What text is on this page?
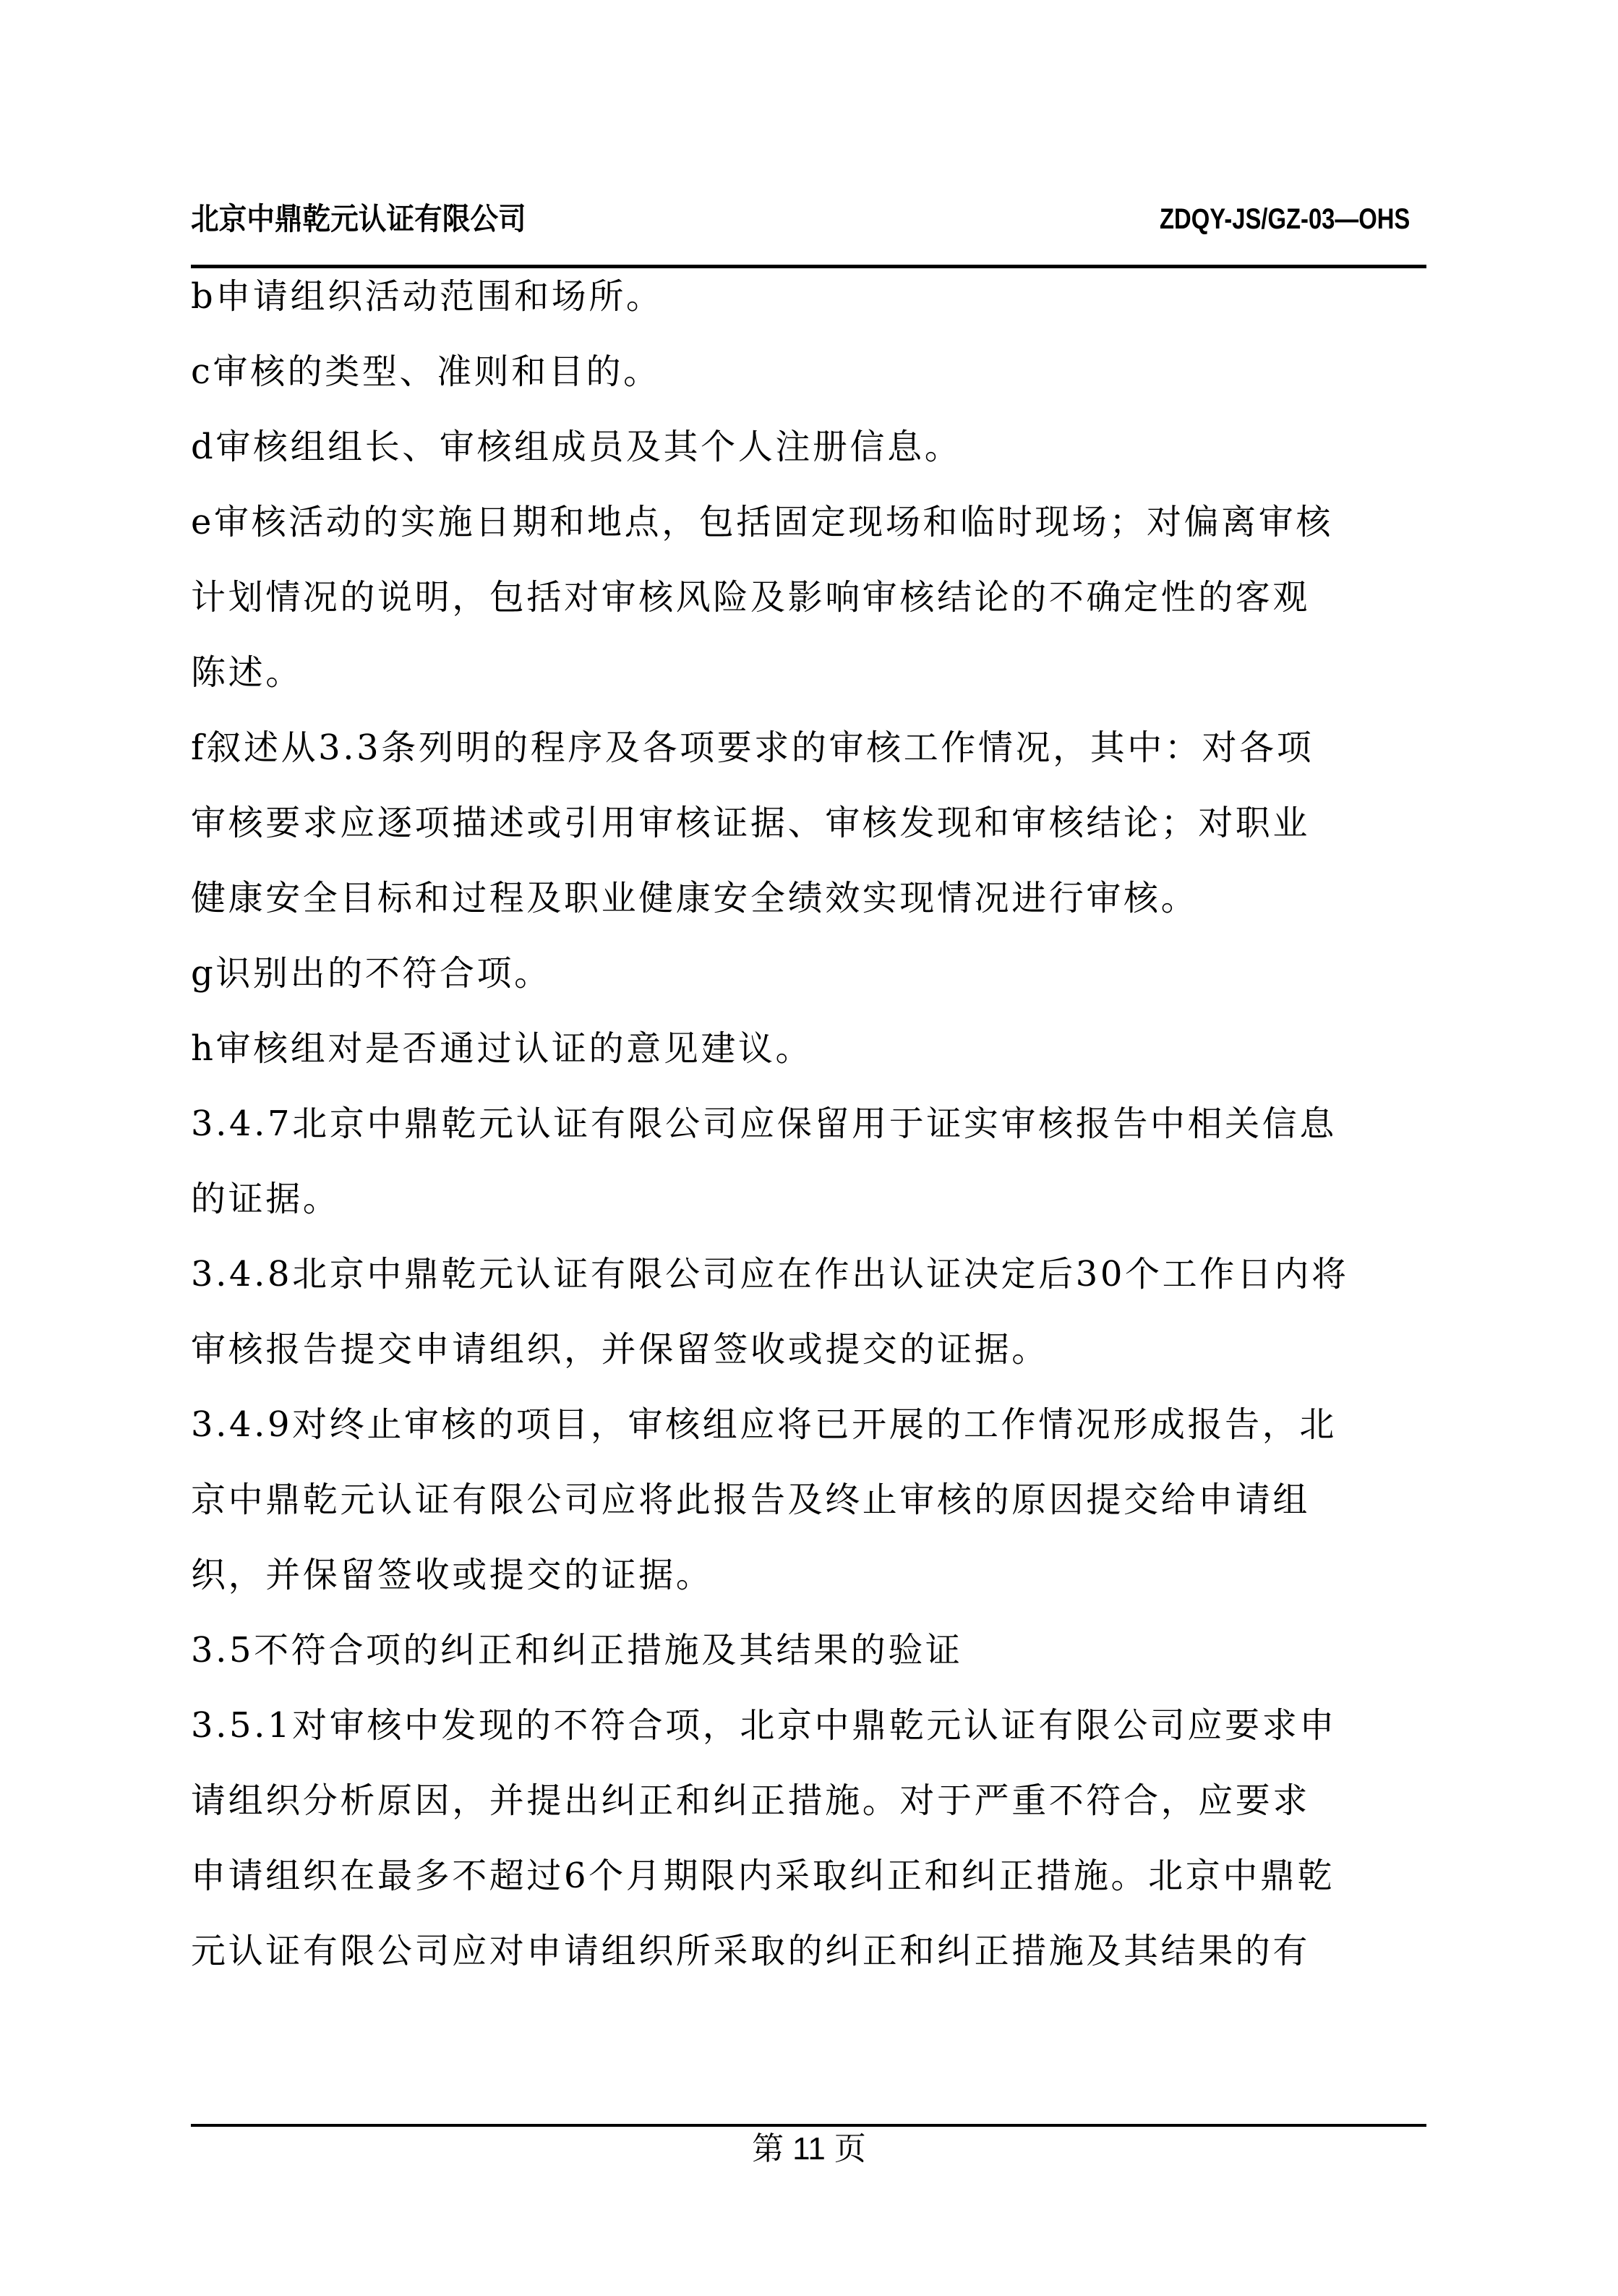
北京中鼎乾元认证有限公司	ZDQY-JS/GZ-03—OHS
b申请组织活动范围和场所。
c审核的类型、准则和目的。
d审核组组长、审核组成员及其个人注册信息。
e审核活动的实施日期和地点，包括固定现场和临时现场；对偏离审核
计划情况的说明，包括对审核风险及影响审核结论的不确定性的客观
陈述。
f叙述从3.3条列明的程序及各项要求的审核工作情况，其中：对各项
审核要求应逐项描述或引用审核证据、审核发现和审核结论；对职业
健康安全目标和过程及职业健康安全绩效实现情况进行审核。
g识别出的不符合项。
h审核组对是否通过认证的意见建议。
3.4.7北京中鼎乾元认证有限公司应保留用于证实审核报告中相关信息
的证据。
3.4.8北京中鼎乾元认证有限公司应在作出认证决定后30个工作日内将
审核报告提交申请组织，并保留签收或提交的证据。
3.4.9对终止审核的项目，审核组应将已开展的工作情况形成报告，北
京中鼎乾元认证有限公司应将此报告及终止审核的原因提交给申请组
织，并保留签收或提交的证据。
3.5不符合项的纠正和纠正措施及其结果的验证
3.5.1对审核中发现的不符合项，北京中鼎乾元认证有限公司应要求申
请组织分析原因，并提出纠正和纠正措施。对于严重不符合，应要求
申请组织在最多不超过6个月期限内采取纠正和纠正措施。北京中鼎乾
元认证有限公司应对申请组织所采取的纠正和纠正措施及其结果的有
第 11 页
